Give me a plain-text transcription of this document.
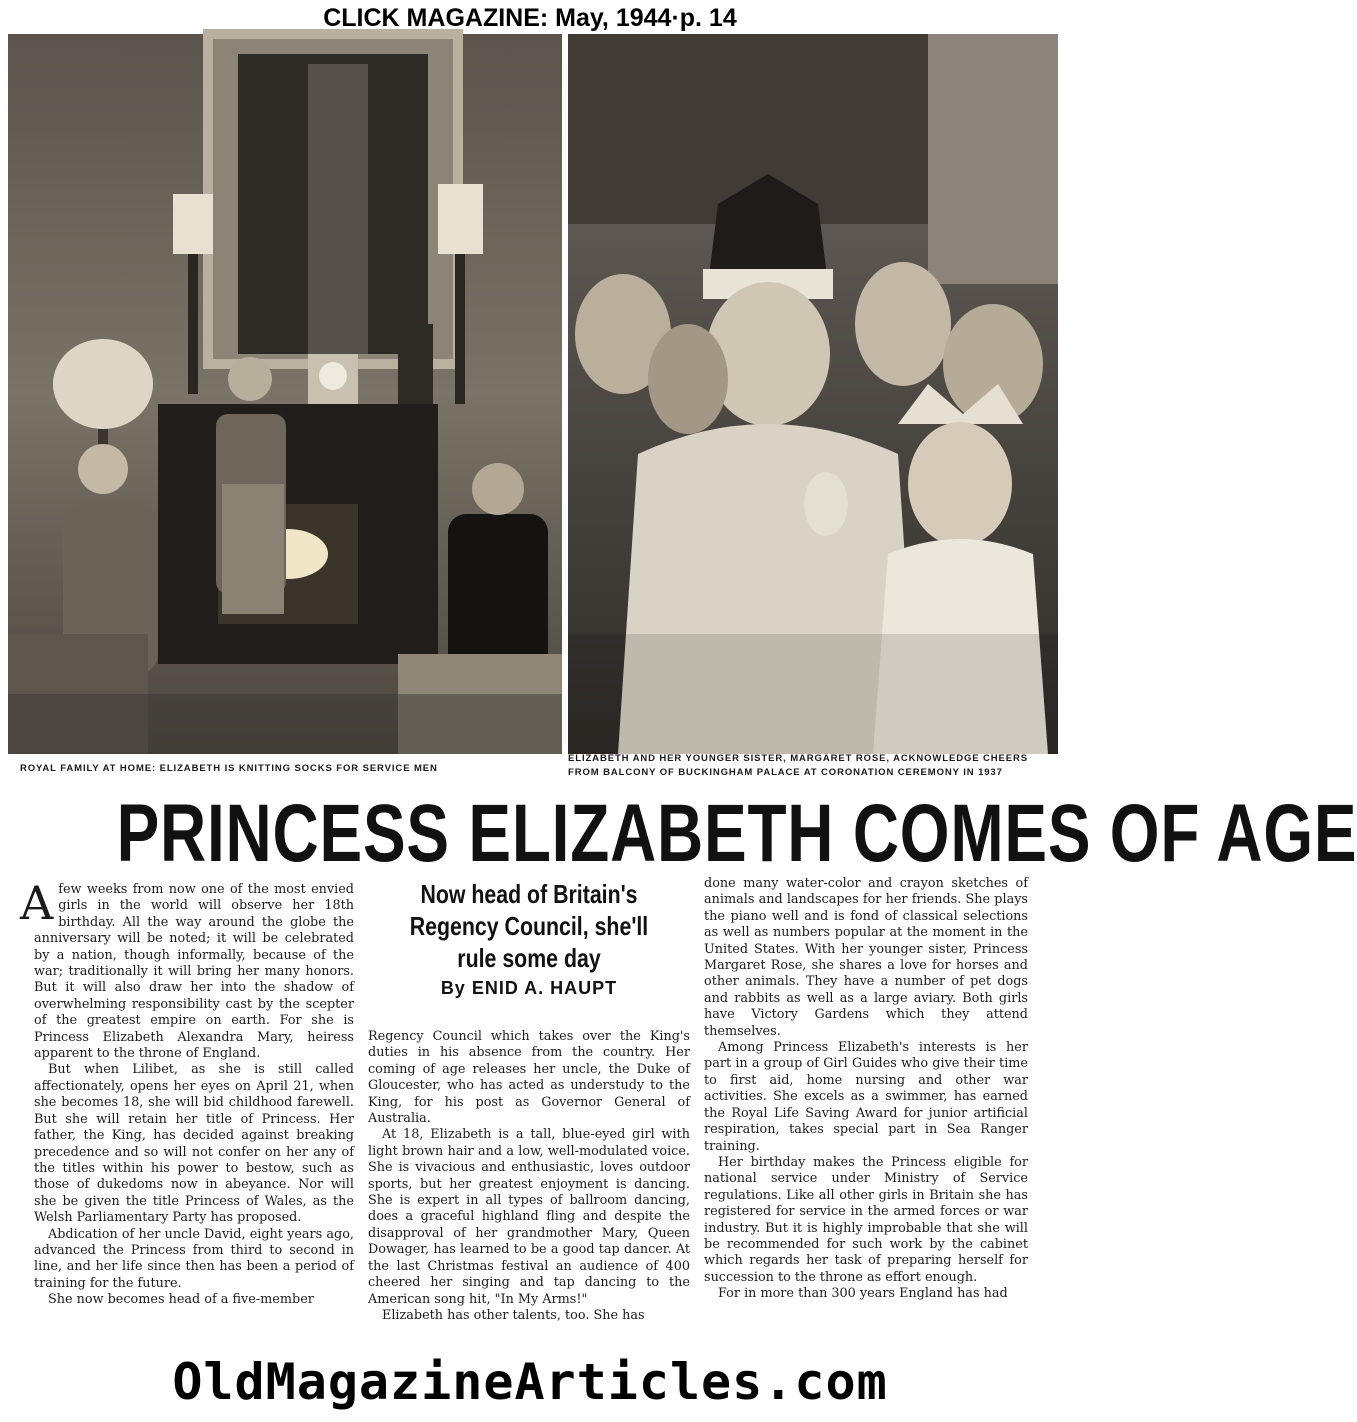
CLICK MAGAZINE: May, 1944·p. 14
ROYAL FAMILY AT HOME: ELIZABETH IS KNITTING SOCKS FOR SERVICE MEN
ELIZABETH AND HER YOUNGER SISTER, MARGARET ROSE, ACKNOWLEDGE CHEERS
FROM BALCONY OF BUCKINGHAM PALACE AT CORONATION CEREMONY IN 1937
PRINCESS ELIZABETH COMES OF AGE

Afew weeks from now one of the most envied girls in the world will observe her 18th birthday. All the way around the globe the anniversary will be noted; it will be celebrated by a nation, though informally, because of the war; traditionally it will bring her many honors. But it will also draw her into the shadow of overwhelming responsibility cast by the scepter of the greatest empire on earth. For she is Princess Elizabeth Alexandra Mary, heiress apparent to the throne of England.

But when Lilibet, as she is still called affectionately, opens her eyes on April 21, when she becomes 18, she will bid childhood farewell. But she will retain her title of Princess. Her father, the King, has decided against breaking precedence and so will not confer on her any of the titles within his power to bestow, such as those of dukedoms now in abeyance. Nor will she be given the title Princess of Wales, as the Welsh Parliamentary Party has proposed.

Abdication of her uncle David, eight years ago, advanced the Princess from third to second in line, and her life since then has been a period of training for the future.

She now becomes head of a five-member

Now head of Britain's Regency Council, she'll rule some day
By ENID A. HAUPT

Regency Council which takes over the King's duties in his absence from the country. Her coming of age releases her uncle, the Duke of Gloucester, who has acted as understudy to the King, for his post as Governor General of Australia.

At 18, Elizabeth is a tall, blue-eyed girl with light brown hair and a low, well-modulated voice. She is vivacious and enthusiastic, loves outdoor sports, but her greatest enjoyment is dancing. She is expert in all types of ballroom dancing, does a graceful highland fling and despite the disapproval of her grandmother Mary, Queen Dowager, has learned to be a good tap dancer. At the last Christmas festival an audience of 400 cheered her singing and tap dancing to the American song hit, "In My Arms!"

Elizabeth has other talents, too. She has

done many water-color and crayon sketches of animals and landscapes for her friends. She plays the piano well and is fond of classical selections as well as numbers popular at the moment in the United States. With her younger sister, Princess Margaret Rose, she shares a love for horses and other animals. They have a number of pet dogs and rabbits as well as a large aviary. Both girls have Victory Gardens which they attend themselves.

Among Princess Elizabeth's interests is her part in a group of Girl Guides who give their time to first aid, home nursing and other war activities. She excels as a swimmer, has earned the Royal Life Saving Award for junior artificial respiration, takes special part in Sea Ranger training.

Her birthday makes the Princess eligible for national service under Ministry of Service regulations. Like all other girls in Britain she has registered for service in the armed forces or war industry. But it is highly improbable that she will be recommended for such work by the cabinet which regards her task of preparing herself for succession to the throne as effort enough.

For in more than 300 years England has had

OldMagazineArticles.com
